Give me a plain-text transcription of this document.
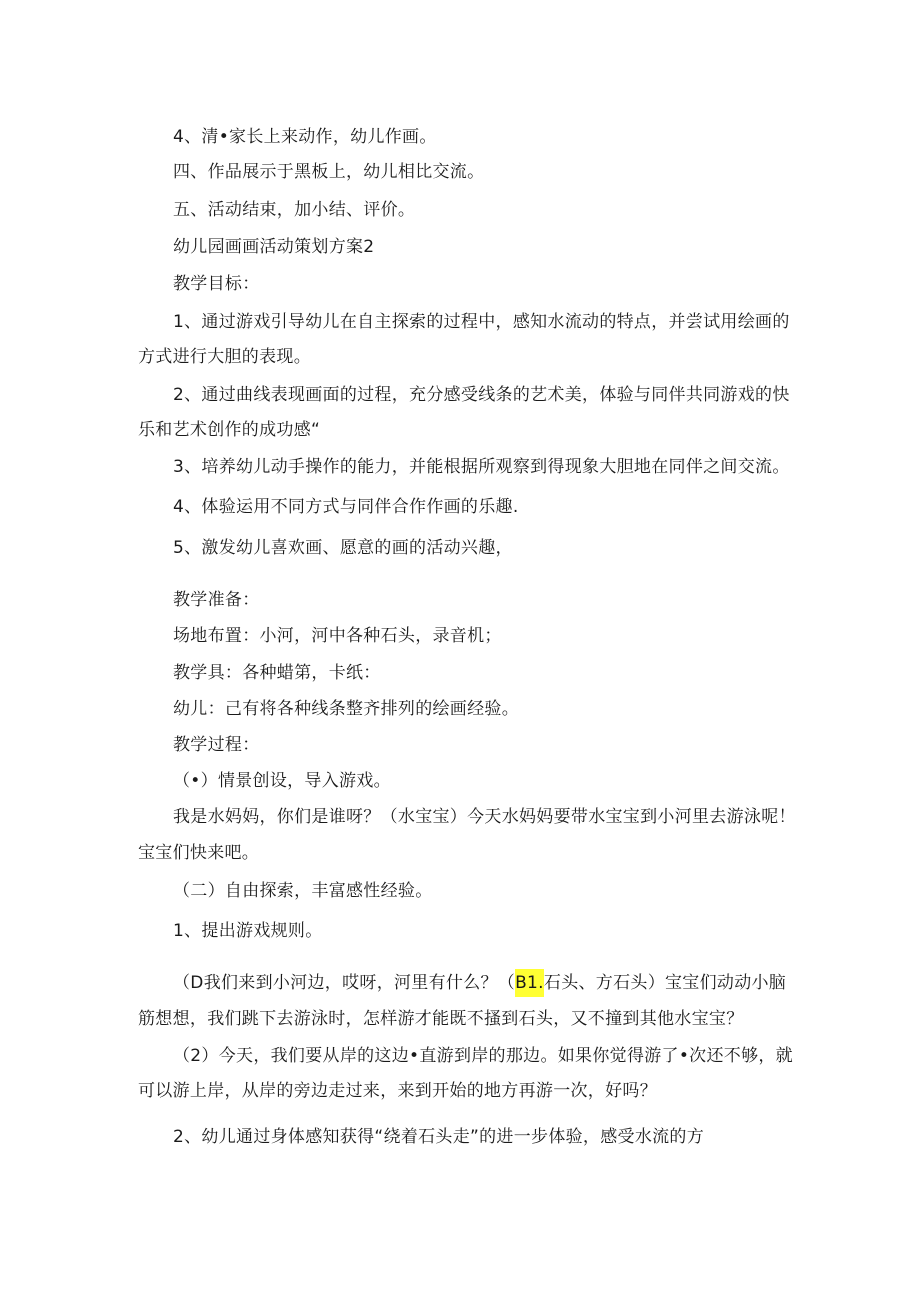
4、清•家长上来动作，幼儿作画。
四、作品展示于黑板上，幼儿相比交流。
五、活动结束，加小结、评价。
幼儿园画画活动策划方案2
教学目标：
1、通过游戏引导幼儿在自主探索的过程中，感知水流动的特点，并尝试用绘画的
方式进行大胆的表现。
2、通过曲线表现画面的过程，充分感受线条的艺术美，体验与同伴共同游戏的快
乐和艺术创作的成功感“
3、培养幼儿动手操作的能力，并能根据所观察到得现象大胆地在同伴之间交流。
4、体验运用不同方式与同伴合作作画的乐趣.
5、激发幼儿喜欢画、愿意的画的活动兴趣，
教学准备：
场地布置：小河，河中各种石头，录音机；
教学具：各种蜡第，卡纸：
幼儿：己有将各种线条整齐排列的绘画经验。
教学过程：
（•）情景创设，导入游戏。
我是水妈妈，你们是谁呀？（水宝宝）今天水妈妈要带水宝宝到小河里去游泳呢！
宝宝们快来吧。
（二）自由探索，丰富感性经验。
1、提出游戏规则。
（D我们来到小河边，哎呀，河里有什么？（B1.石头、方石头）宝宝们动动小脑
筋想想，我们跳下去游泳时，怎样游才能既不搔到石头，又不撞到其他水宝宝？
（2）今天，我们要从岸的这边•直游到岸的那边。如果你觉得游了•次还不够，就
可以游上岸，从岸的旁边走过来，来到开始的地方再游一次，好吗？
2、幼儿通过身体感知获得“绕着石头走”的进一步体验，感受水流的方
